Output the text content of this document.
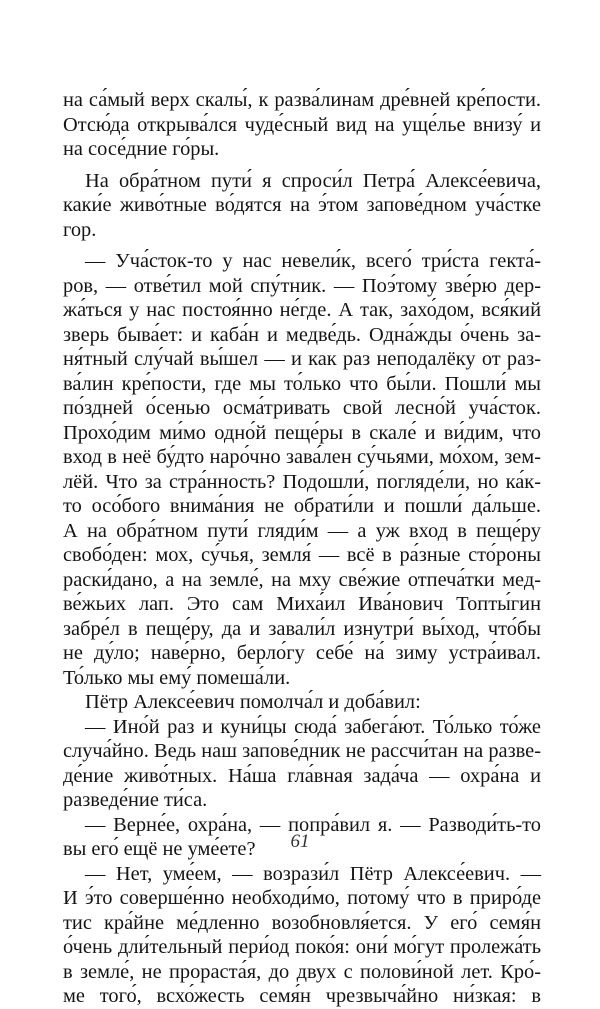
на са́мый верх скалы́, к разва́линам дре́вней кре́пости.
Отсю́да открыва́лся чуде́сный вид на уще́лье внизу́ и
на сосе́дние го́ры.
На обра́тном пути́ я спроси́л Петра́ Алексе́евича,
каки́е живо́тные во́дятся на э́том запове́дном уча́стке
гор.
— Уча́сток-то у нас невели́к, всего́ три́ста гекта́-
ров, — отве́тил мой спу́тник. — Поэ́тому зве́рю дер-
жа́ться у нас постоя́нно не́где. А так, захо́дом, вся́кий
зверь быва́ет: и каба́н и медве́дь. Одна́жды о́чень за-
ня́тный слу́чай вы́шел — и как раз неподалёку от раз-
ва́лин кре́пости, где мы то́лько что бы́ли. Пошли́ мы
по́здней о́сенью осма́тривать свой лесно́й уча́сток.
Прохо́дим ми́мо одно́й пеще́ры в скале́ и ви́дим, что
вход в неё бу́дто наро́чно зава́лен су́чьями, мо́хом, зем-
лёй. Что за стра́нность? Подошли́, погляде́ли, но ка́к-
то осо́бого внима́ния не обрати́ли и пошли́ да́льше.
А на обра́тном пути́ гляди́м — а уж вход в пеще́ру
свобо́ден: мох, су́чья, земля́ — всё в ра́зные сто́роны
раски́дано, а на земле́, на мху све́жие отпеча́тки мед-
ве́жьих лап. Это сам Миха́ил Ива́нович Топты́гин
забре́л в пеще́ру, да и завали́л изнутри́ вы́ход, что́бы
не ду́ло; наве́рно, берло́гу себе́ на́ зиму устра́ивал.
То́лько мы ему́ помеша́ли.
Пётр Алексе́евич помолча́л и доба́вил:
— Ино́й раз и куни́цы сюда́ забега́ют. То́лько то́же
случа́йно. Ведь наш запове́дник не рассчи́тан на разве-
де́ние живо́тных. На́ша гла́вная зада́ча — охра́на и
разведе́ние ти́са.
— Верне́е, охра́на, — попра́вил я. — Разводи́ть-то
вы его́ ещё не уме́ете?
— Нет, уме́ем, — возрази́л Пётр Алексе́евич. —
И э́то соверше́нно необходи́мо, потому́ что в приро́де
тис кра́йне ме́дленно возобновля́ется. У его́ семя́н
о́чень дли́тельный пери́од поко́я: они́ мо́гут пролежа́ть
в земле́, не прораста́я, до двух с полови́ной лет. Кро́-
ме того́, всхо́жесть семя́н чрезвыча́йно ни́зкая: в
61
